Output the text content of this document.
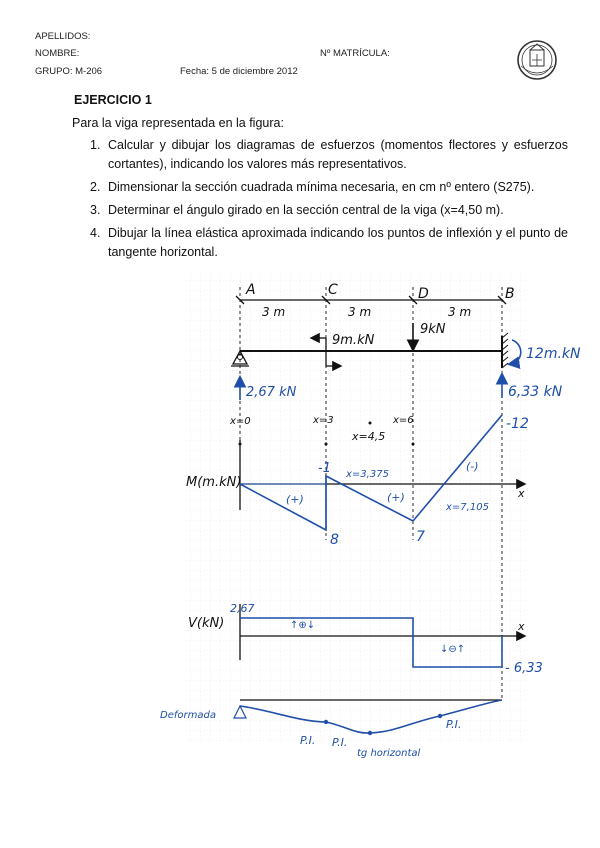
APELLIDOS:
NOMBRE:
GRUPO: M-206	Fecha: 5 de diciembre 2012
Nº MATRÍCULA:
EJERCICIO 1
Para la viga representada en la figura:
1. Calcular y dibujar los diagramas de esfuerzos (momentos flectores y esfuerzos cortantes), indicando los valores más representativos.
2. Dimensionar la sección cuadrada mínima necesaria, en cm nº entero (S275).
3. Determinar el ángulo girado en la sección central de la viga (x=4,50 m).
4. Dibujar la línea elástica aproximada indicando los puntos de inflexión y el punto de tangente horizontal.
A	C	D	B
3 m	3 m	3 m
9m.kN
9kN
2,67 kN	6,33 kN
12m.kN
x=0	x=3
x=4,5
x=6
M(m.kN)
-1
8	7
-12
x=3,375
x=7,105
(+)	(+)
(-)
x
V(kN)
2,67
- 6,33
↑⊕↓
↓⊖↑
x
Deformada
P.I. P.I.
tg horizontal
P.I.
